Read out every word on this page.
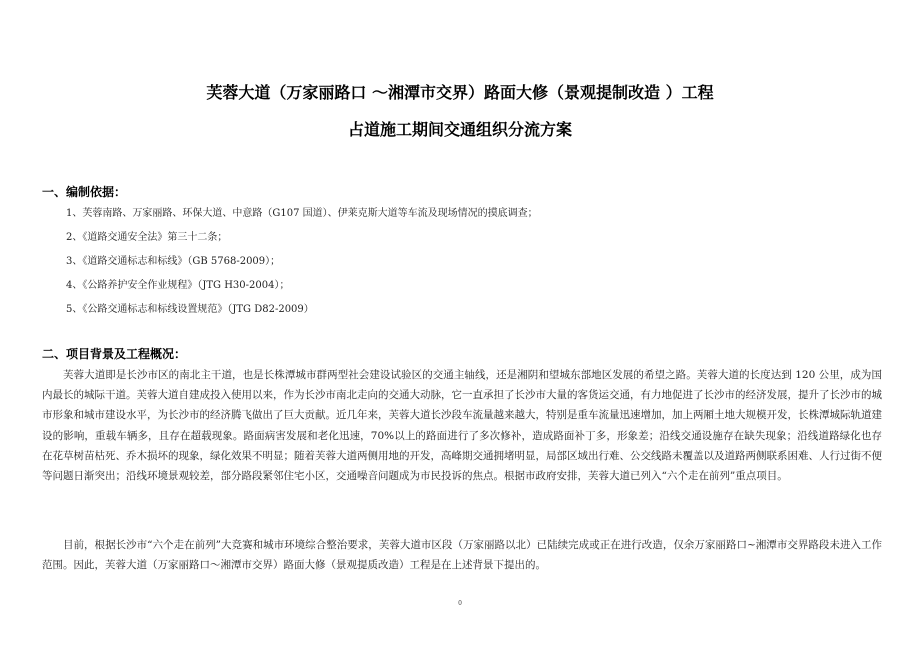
芙蓉大道（万家丽路口 ～湘潭市交界）路面大修（景观提制改造 ）工程
占道施工期间交通组织分流方案
一、编制依据：
1、芙蓉南路、万家丽路、环保大道、中意路（G107 国道）、伊莱克斯大道等车流及现场情况的摸底调查；
2、《道路交通安全法》第三十二条；
3、《道路交通标志和标线》（GB 5768-2009）；
4、《公路养护安全作业规程》（JTG H30-2004）；
5、《公路交通标志和标线设置规范》（JTG D82-2009）
二、项目背景及工程概况：

芙蓉大道即是长沙市区的南北主干道，也是长株潭城市群两型社会建设试验区的交通主轴线，还是湘阴和望城东部地区发展的希望之路。芙蓉大道的长度达到 120 公里，成为国内最长的城际干道。芙蓉大道自建成投入使用以来，作为长沙市南北走向的交通大动脉，它一直承担了长沙市大量的客货运交通，有力地促进了长沙市的经济发展，提升了长沙市的城市形象和城市建设水平，为长沙市的经济腾飞做出了巨大贡献。近几年来，芙蓉大道长沙段车流量越来越大，特别是重车流量迅速增加，加上两厢土地大规模开发，长株潭城际轨道建设的影响，重载车辆多，且存在超载现象。路面病害发展和老化迅速，70%以上的路面进行了多次修补，造成路面补丁多，形象差；沿线交通设施存在缺失现象；沿线道路绿化也存在花草树苗枯死、乔木损坏的现象，绿化效果不明显；随着芙蓉大道两侧用地的开发，高峰期交通拥堵明显，局部区域出行难、公交线路未覆盖以及道路两侧联系困难、人行过街不便等问题日渐突出；沿线环境景观较差，部分路段紧邻住宅小区，交通噪音问题成为市民投诉的焦点。根据市政府安排，芙蓉大道已列入“六个走在前列”重点项目。

目前，根据长沙市“六个走在前列”大竞赛和城市环境综合整治要求，芙蓉大道市区段（万家丽路以北）已陆续完成或正在进行改造，仅余万家丽路口~湘潭市交界路段未进入工作范围。因此，芙蓉大道（万家丽路口～湘潭市交界）路面大修（景观提质改造）工程是在上述背景下提出的。

0
